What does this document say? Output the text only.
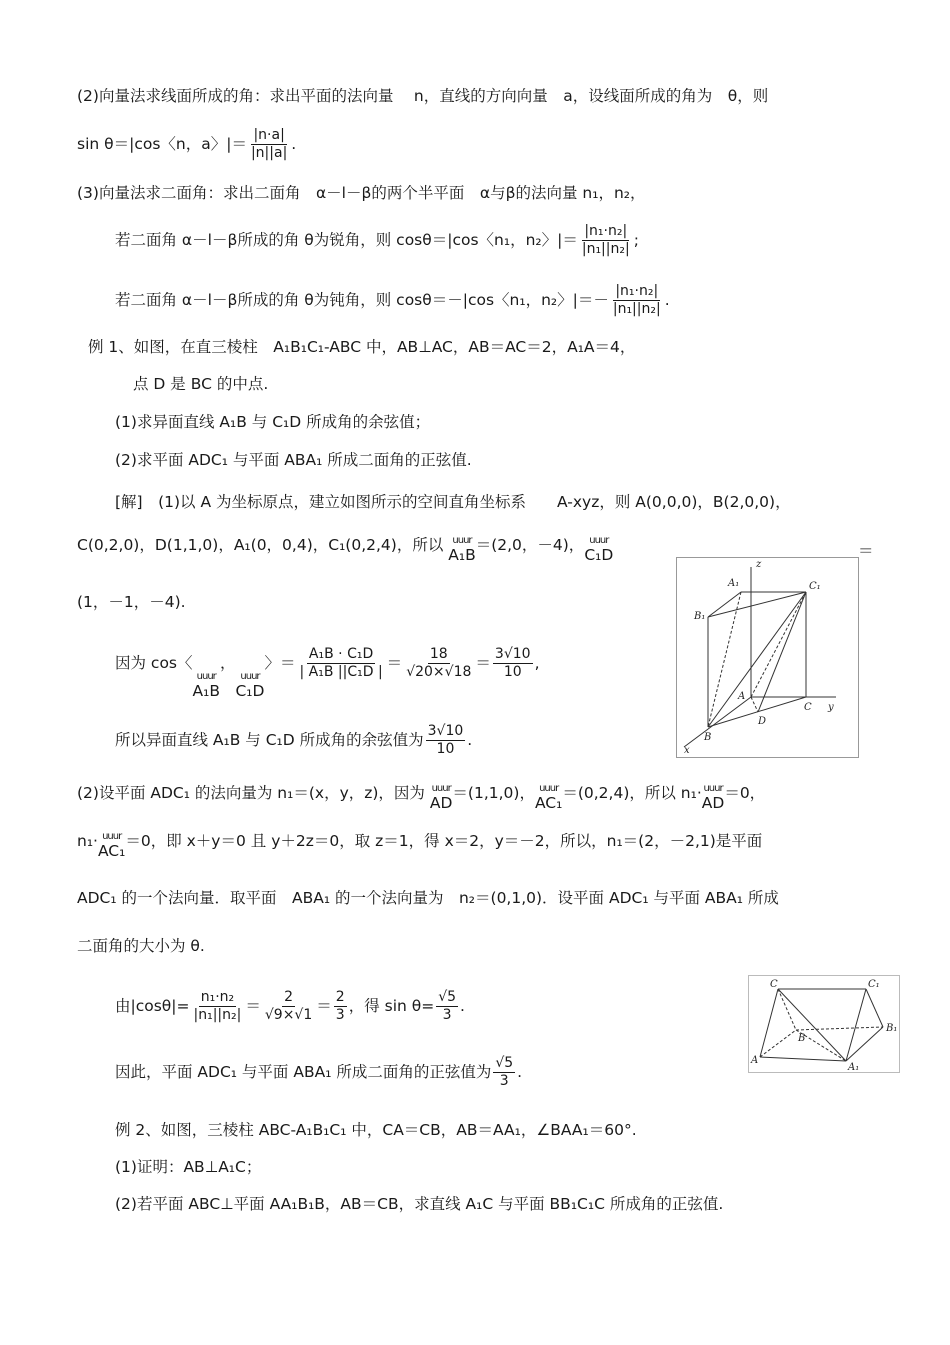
(2)向量法求线面所成的角：求出平面的法向量　 n，直线的方向向量　a，设线面所成的角为　θ，则
sin θ＝|cos〈n，a〉|＝ $\frac{|n\cdot a|}{|n||a|}$ .
(3)向量法求二面角：求出二面角　α－l－β的两个半平面　α与β的法向量 n₁，n₂，
若二面角 α－l－β所成的角 θ为锐角，则 cosθ＝|cos〈n₁，n₂〉|＝ $\frac{\text{|n₁·n₂|}}{\text{|n₁||n₂|}}$ ;
若二面角 α－l－β所成的角 θ为钝角，则 cosθ＝－|cos〈n₁，n₂〉|＝－ $\frac{\text{|n₁·n₂|}}{\text{|n₁||n₂|}}$ .
例 1、如图，在直三棱柱　A₁B₁C₁-ABC 中，AB⊥AC，AB＝AC＝2，A₁A＝4，
点 D 是 BC 的中点.
(1)求异面直线 A₁B 与 C₁D 所成角的余弦值；
(2)求平面 ADC₁ 与平面 ABA₁ 所成二面角的正弦值.
[解]　(1)以 A 为坐标原点，建立如图所示的空间直角坐标系　　A-xyz，则 A(0,0,0)，B(2,0,0)，
C(0,2,0)，D(1,1,0)，A₁(0，0,4)，C₁(0,2,4)，所以 uuur
A₁B
＝(2,0，－4)， uuur
C₁D	＝
(1，－1，－4).
因为 cos〈
uuur
A₁B
，
uuur
C₁D
〉＝ $\frac{\text{A₁B · C₁D}}{\text{| A₁B ||C₁D |}} = \frac{18}{√20\times√18} = \frac{3√10}{10}$ ,
所以异面直线 A₁B 与 C₁D 所成角的余弦值为 $\frac{3√10}{10}$ .
(2)设平面 ADC₁ 的法向量为 n₁＝(x，y，z)，因为 uuur
AD
＝(1,1,0)， uuur
AC₁
＝(0,2,4)，所以 n₁· uuur
AD
＝0，
n₁· uuur
AC₁
＝0，即 x＋y＝0 且 y＋2z＝0，取 z＝1，得 x＝2，y＝－2，所以，n₁＝(2，－2,1)是平面
ADC₁ 的一个法向量．取平面　ABA₁ 的一个法向量为　n₂＝(0,1,0)．设平面 ADC₁ 与平面 ABA₁ 所成
二面角的大小为 θ.
由$|\cos\theta|= \frac{\text{n₁·n₂}}{\text{|n₁||n₂|}} = \frac{2}{√9\times√1} = \frac{2}{3}$ ，得 $\sin \theta= \frac{√5}{3}$ .
因此，平面 ADC₁ 与平面 ABA₁ 所成二面角的正弦值为 $\frac{√5}{3}$ .
例 2、如图，三棱柱 ABC-A₁B₁C₁ 中，CA＝CB，AB＝AA₁，∠BAA₁＝60°.
(1)证明：AB⊥A₁C；
(2)若平面 ABC⊥平面 AA₁B₁B，AB＝CB，求直线 A₁C 与平面 BB₁C₁C 所成角的正弦值.
z
A₁	C₁
B₁
A
C y
D
B
x
C	C₁
B₁
B
A
A₁
